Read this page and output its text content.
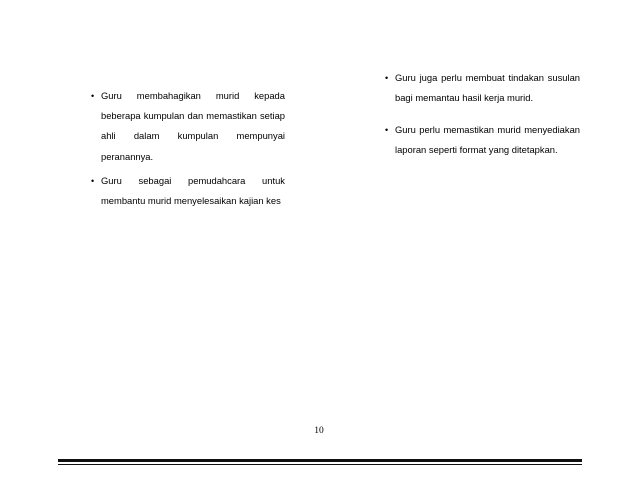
• Guru membahagikan murid kepada beberapa kumpulan dan memastikan setiap ahli dalam kumpulan mempunyai peranannya.
• Guru sebagai pemudahcara untuk membantu murid menyelesaikan kajian kes
• Guru juga perlu membuat tindakan susulan bagi memantau hasil kerja murid.
• Guru perlu memastikan murid menyediakan laporan seperti format yang ditetapkan.
10
